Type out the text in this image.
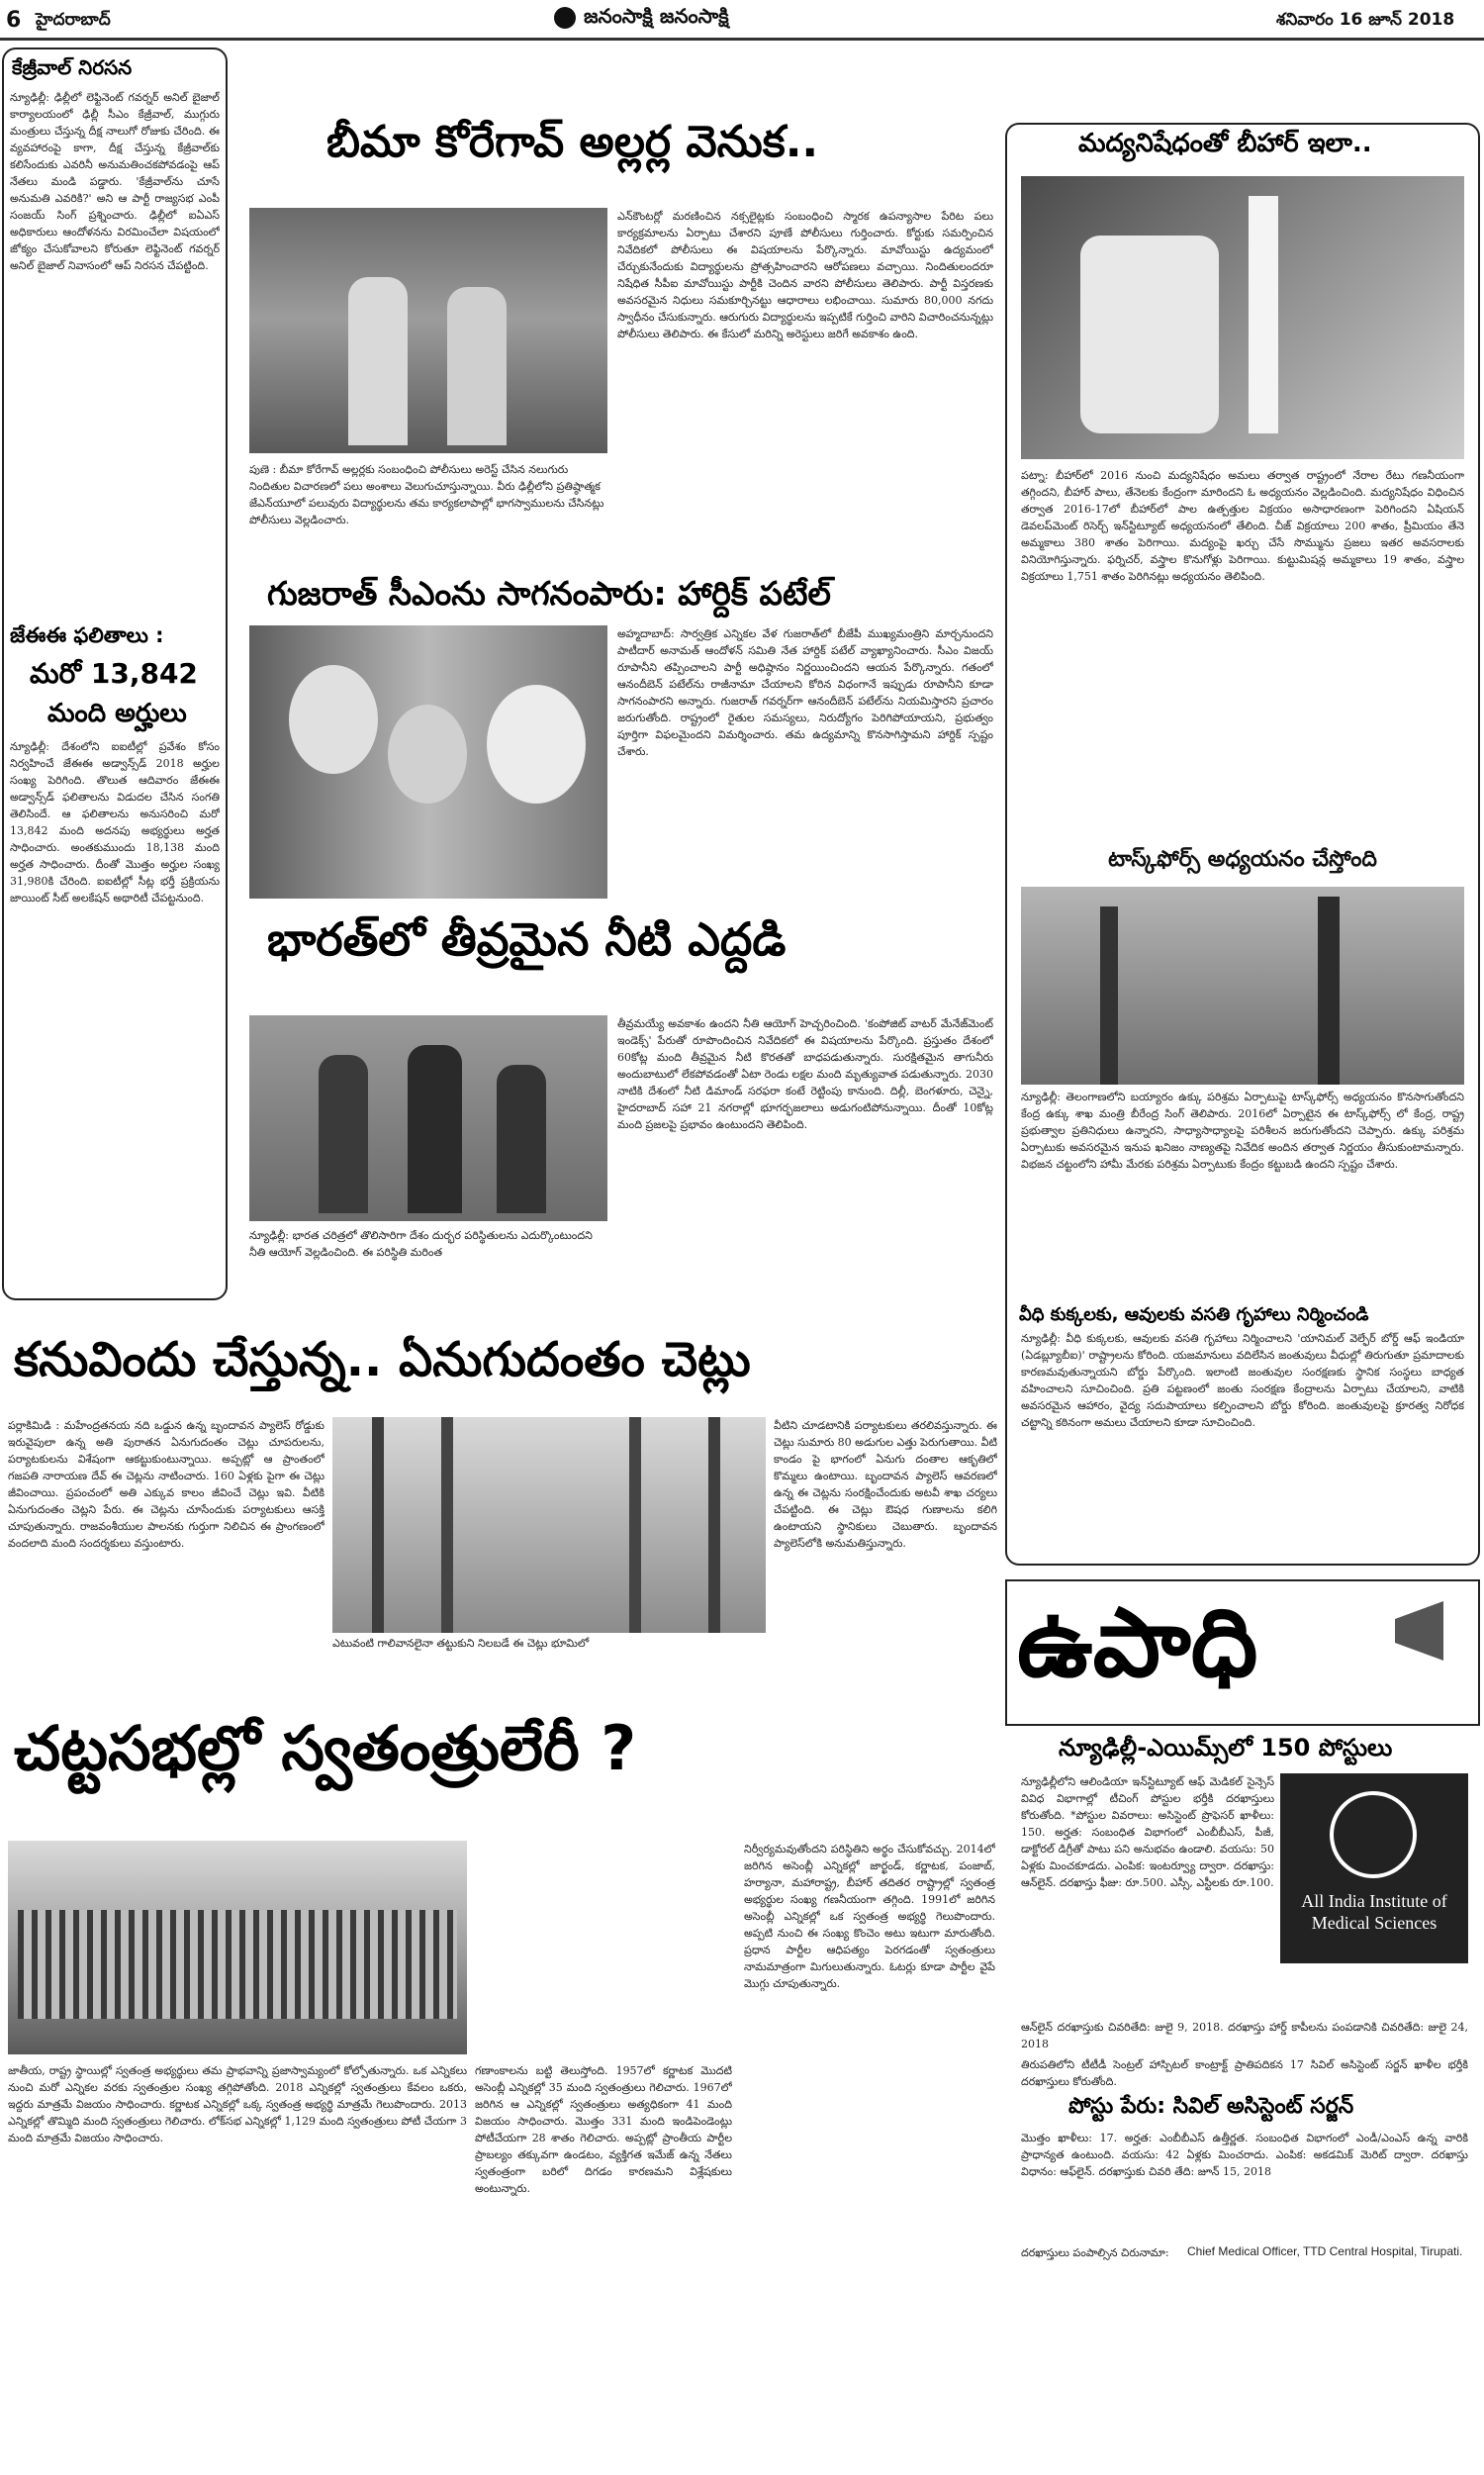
6 హైదరాబాద్	జనంసాక్షి జనంసాక్షి	శనివారం 16 జూన్ 2018
కేజ్రీవాల్ నిరసన
న్యూఢిల్లీ: ఢిల్లీలో లెఫ్టినెంట్ గవర్నర్ అనిల్ బైజాల్ కార్యాలయంలో ఢిల్లీ సీఎం కేజ్రీవాల్, ముగ్గురు మంత్రులు చేస్తున్న దీక్ష నాలుగో రోజుకు చేరింది. ఈ వ్యవహారంపై కాగా, దీక్ష చేస్తున్న కేజ్రీవాల్‌కు కలిసేందుకు ఎవరినీ అనుమతించకపోవడంపై ఆప్ నేతలు మండి పడ్డారు. 'కేజ్రీవాల్‌ను చూసే అనుమతి ఎవరికి?' అని ఆ పార్టీ రాజ్యసభ ఎంపీ సంజయ్ సింగ్ ప్రశ్నించారు. ఢిల్లీలో ఐఏఎస్ అధికారులు ఆందోళనను విరమించేలా విషయంలో జోక్యం చేసుకోవాలని కోరుతూ లెఫ్టినెంట్ గవర్నర్ అనిల్ బైజాల్ నివాసంలో ఆప్ నిరసన చేపట్టింది.
జేఈఈ ఫలితాలు :
మరో 13,842
మంది అర్హులు
న్యూఢిల్లీ: దేశంలోని ఐఐటీల్లో ప్రవేశం కోసం నిర్వహించే జేఈఈ అడ్వాన్స్‌డ్ 2018 అర్హుల సంఖ్య పెరిగింది. తొలుత ఆదివారం జేఈఈ అడ్వాన్స్‌డ్ ఫలితాలను విడుదల చేసిన సంగతి తెలిసిందే. ఆ ఫలితాలను అనుసరించి మరో 13,842 మంది అదనపు అభ్యర్థులు అర్హత సాధించారు. అంతకుముందు 18,138 మంది అర్హత సాధించారు. దీంతో మొత్తం అర్హుల సంఖ్య 31,980కి చేరింది. ఐఐటీల్లో సీట్ల భర్తీ ప్రక్రియను జాయింట్ సీట్ అలకేషన్ అథారిటీ చేపట్టనుంది.
బీమా కోరేగావ్ అల్లర్ల వెనుక..
పుణె : బీమా కోరేగావ్ అల్లర్లకు సంబంధించి పోలీసులు అరెస్ట్ చేసిన నలుగురు నిందితుల విచారణలో పలు అంశాలు వెలుగుచూస్తున్నాయి. వీరు ఢిల్లీలోని ప్రతిష్ఠాత్మక జేఎన్‌యూలో పలువురు విద్యార్థులను తమ కార్యకలాపాల్లో భాగస్వాములను చేసినట్లు పోలీసులు వెల్లడించారు.
ఎన్‌కౌంటర్లో మరణించిన నక్సలైట్లకు సంబంధించి స్మారక ఉపన్యాసాల పేరిట పలు కార్యక్రమాలను ఏర్పాటు చేశారని పూణే పోలీసులు గుర్తించారు. కోర్టుకు సమర్పించిన నివేదికలో పోలీసులు ఈ విషయాలను పేర్కొన్నారు. మావోయిస్టు ఉద్యమంలో చేర్చుకునేందుకు విద్యార్థులను ప్రోత్సహించారని ఆరోపణలు వచ్చాయి. నిందితులందరూ నిషేధిత సీపీఐ మావోయిస్టు పార్టీకి చెందిన వారని పోలీసులు తెలిపారు. పార్టీ విస్తరణకు అవసరమైన నిధులు సమకూర్చినట్టు ఆధారాలు లభించాయి. సుమారు 80,000 నగదు స్వాధీనం చేసుకున్నారు. ఆరుగురు విద్యార్థులను ఇప్పటికే గుర్తించి వారిని విచారించనున్నట్లు పోలీసులు తెలిపారు. ఈ కేసులో మరిన్ని అరెస్టులు జరిగే అవకాశం ఉంది.
గుజరాత్ సీఎంను సాగనంపారు: హార్దిక్ పటేల్
అహ్మదాబాద్: సార్వత్రిక ఎన్నికల వేళ గుజరాత్‌లో బీజేపీ ముఖ్యమంత్రిని మార్చనుందని పాటీదార్ అనామత్ ఆందోళన్ సమితి నేత హార్దిక్ పటేల్ వ్యాఖ్యానించారు. సీఎం విజయ్ రూపానీని తప్పించాలని పార్టీ అధిష్ఠానం నిర్ణయించిందని ఆయన పేర్కొన్నారు. గతంలో ఆనందీబెన్ పటేల్‌ను రాజీనామా చేయాలని కోరిన విధంగానే ఇప్పుడు రూపానీని కూడా సాగనంపారని అన్నారు. గుజరాత్ గవర్నర్‌గా ఆనందీబెన్ పటేల్‌ను నియమిస్తారని ప్రచారం జరుగుతోంది. రాష్ట్రంలో రైతుల సమస్యలు, నిరుద్యోగం పెరిగిపోయాయని, ప్రభుత్వం పూర్తిగా విఫలమైందని విమర్శించారు. తమ ఉద్యమాన్ని కొనసాగిస్తామని హార్దిక్ స్పష్టం చేశారు.
భారత్‌లో తీవ్రమైన నీటి ఎద్దడి
న్యూఢిల్లీ: భారత చరిత్రలో తొలిసారిగా దేశం దుర్భర పరిస్థితులను ఎదుర్కొంటుందని నీతి ఆయోగ్ వెల్లడించింది. ఈ పరిస్థితి మరింత
తీవ్రమయ్యే అవకాశం ఉందని నీతి ఆయోగ్ హెచ్చరించింది. 'కంపోజిట్ వాటర్ మేనేజ్‌మెంట్ ఇండెక్స్' పేరుతో రూపొందించిన నివేదికలో ఈ విషయాలను పేర్కొంది. ప్రస్తుతం దేశంలో 60కోట్ల మంది తీవ్రమైన నీటి కొరతతో బాధపడుతున్నారు. సురక్షితమైన తాగునీరు అందుబాటులో లేకపోవడంతో ఏటా రెండు లక్షల మంది మృత్యువాత పడుతున్నారు. 2030 నాటికి దేశంలో నీటి డిమాండ్ సరఫరా కంటే రెట్టింపు కానుంది. దిల్లీ, బెంగళూరు, చెన్నై, హైదరాబాద్ సహా 21 నగరాల్లో భూగర్భజలాలు అడుగంటిపోనున్నాయి. దీంతో 10కోట్ల మంది ప్రజలపై ప్రభావం ఉంటుందని తెలిపింది.
మద్యనిషేధంతో బీహార్ ఇలా..
పట్నా: బీహార్‌లో 2016 నుంచి మద్యనిషేధం అమలు తర్వాత రాష్ట్రంలో నేరాల రేటు గణనీయంగా తగ్గిందని, బీహార్ పాలు, తేనెలకు కేంద్రంగా మారిందని ఓ అధ్యయనం వెల్లడించింది. మద్యనిషేధం విధించిన తర్వాత 2016-17లో బీహార్‌లో పాల ఉత్పత్తుల విక్రయం అసాధారణంగా పెరిగిందని ఏషియన్ డెవలప్‌మెంట్ రిసెర్చ్ ఇన్‌స్టిట్యూట్ అధ్యయనంలో తేలింది. చీజ్ విక్రయాలు 200 శాతం, ప్రీమియం తేనె అమ్మకాలు 380 శాతం పెరిగాయి. మద్యంపై ఖర్చు చేసే సొమ్మును ప్రజలు ఇతర అవసరాలకు వినియోగిస్తున్నారు. ఫర్నిచర్, వస్త్రాల కొనుగోళ్లు పెరిగాయి. కుట్టుమిషన్ల అమ్మకాలు 19 శాతం, వస్త్రాల విక్రయాలు 1,751 శాతం పెరిగినట్లు అధ్యయనం తెలిపింది.
టాస్క్‌ఫోర్స్ అధ్యయనం చేస్తోంది
న్యూఢిల్లీ: తెలంగాణలోని బయ్యారం ఉక్కు పరిశ్రమ ఏర్పాటుపై టాస్క్‌ఫోర్స్ అధ్యయనం కొనసాగుతోందని కేంద్ర ఉక్కు శాఖ మంత్రి బీరేంద్ర సింగ్ తెలిపారు. 2016లో ఏర్పాటైన ఈ టాస్క్‌ఫోర్స్ లో కేంద్ర, రాష్ట్ర ప్రభుత్వాల ప్రతినిధులు ఉన్నారని, సాధ్యాసాధ్యాలపై పరిశీలన జరుగుతోందని చెప్పారు. ఉక్కు పరిశ్రమ ఏర్పాటుకు అవసరమైన ఇనుప ఖనిజం నాణ్యతపై నివేదిక అందిన తర్వాత నిర్ణయం తీసుకుంటామన్నారు. విభజన చట్టంలోని హామీ మేరకు పరిశ్రమ ఏర్పాటుకు కేంద్రం కట్టుబడి ఉందని స్పష్టం చేశారు.
వీధి కుక్కలకు, ఆవులకు వసతి గృహాలు నిర్మించండి
న్యూఢిల్లీ: వీధి కుక్కలకు, ఆవులకు వసతి గృహాలు నిర్మించాలని 'యానిమల్ వెల్ఫేర్ బోర్డ్ ఆఫ్ ఇండియా (ఏడబ్ల్యూబీఐ)' రాష్ట్రాలను కోరింది. యజమానులు వదిలేసిన జంతువులు వీధుల్లో తిరుగుతూ ప్రమాదాలకు కారణమవుతున్నాయని బోర్డు పేర్కొంది. ఇలాంటి జంతువుల సంరక్షణకు స్థానిక సంస్థలు బాధ్యత వహించాలని సూచించింది. ప్రతి పట్టణంలో జంతు సంరక్షణ కేంద్రాలను ఏర్పాటు చేయాలని, వాటికి అవసరమైన ఆహారం, వైద్య సదుపాయాలు కల్పించాలని బోర్డు కోరింది. జంతువులపై క్రూరత్వ నిరోధక చట్టాన్ని కఠినంగా అమలు చేయాలని కూడా సూచించింది.
కనువిందు చేస్తున్న.. ఏనుగుదంతం చెట్లు
పర్లాకిమిడి : మహేంద్రతనయ నది ఒడ్డున ఉన్న బృందావన ప్యాలెస్ రోడ్డుకు ఇరువైపులా ఉన్న అతి పురాతన ఏనుగుదంతం చెట్లు చూపరులను, పర్యాటకులను విశేషంగా ఆకట్టుకుంటున్నాయి. అప్పట్లో ఆ ప్రాంతంలో గజపతి నారాయణ దేవ్ ఈ చెట్లను నాటించారు. 160 ఏళ్లకు పైగా ఈ చెట్లు జీవించాయి. ప్రపంచంలో అతి ఎక్కువ కాలం జీవించే చెట్లు ఇవి. వీటికి ఏనుగుదంతం చెట్లని పేరు. ఈ చెట్లను చూసేందుకు పర్యాటకులు ఆసక్తి చూపుతున్నారు. రాజవంశీయుల పాలనకు గుర్తుగా నిలిచిన ఈ ప్రాంగణంలో వందలాది మంది సందర్శకులు వస్తుంటారు.
ఎటువంటి గాలివానలైనా తట్టుకుని నిలబడే ఈ చెట్లు భూమిలో
వీటిని చూడటానికి పర్యాటకులు తరలివస్తున్నారు. ఈ చెట్లు సుమారు 80 అడుగుల ఎత్తు పెరుగుతాయి. వీటి కాండం పై భాగంలో ఏనుగు దంతాల ఆకృతిలో కొమ్మలు ఉంటాయి. బృందావన ప్యాలెస్ ఆవరణలో ఉన్న ఈ చెట్లను సంరక్షించేందుకు అటవీ శాఖ చర్యలు చేపట్టింది. ఈ చెట్లు ఔషధ గుణాలను కలిగి ఉంటాయని స్థానికులు చెబుతారు. బృందావన ప్యాలెస్‌లోకి అనుమతిస్తున్నారు.
చట్టసభల్లో స్వతంత్రులేరీ ?
జాతీయ, రాష్ట్ర స్థాయిల్లో స్వతంత్ర అభ్యర్థులు తమ ప్రాభవాన్ని ప్రజాస్వామ్యంలో కోల్పోతున్నారు. ఒక ఎన్నికలు నుంచి మరో ఎన్నికల వరకు స్వతంత్రుల సంఖ్య తగ్గిపోతోంది. 2018 ఎన్నికల్లో స్వతంత్రులు కేవలం ఒకరు, ఇద్దరు మాత్రమే విజయం సాధించారు. కర్ణాటక ఎన్నికల్లో ఒక్క స్వతంత్ర అభ్యర్థి మాత్రమే గెలుపొందారు. 2013 ఎన్నికల్లో తొమ్మిది మంది స్వతంత్రులు గెలిచారు. లోక్‌సభ ఎన్నికల్లో 1,129 మంది స్వతంత్రులు పోటీ చేయగా 3 మంది మాత్రమే విజయం సాధించారు.
గణాంకాలను బట్టి తెలుస్తోంది. 1957లో కర్ణాటక మొదటి అసెంబ్లీ ఎన్నికల్లో 35 మంది స్వతంత్రులు గెలిచారు. 1967లో జరిగిన ఆ ఎన్నికల్లో స్వతంత్రులు అత్యధికంగా 41 మంది విజయం సాధించారు. మొత్తం 331 మంది ఇండిపెండెంట్లు పోటీచేయగా 28 శాతం గెలిచారు. అప్పట్లో ప్రాంతీయ పార్టీల ప్రాబల్యం తక్కువగా ఉండటం, వ్యక్తిగత ఇమేజ్ ఉన్న నేతలు స్వతంత్రంగా బరిలో దిగడం కారణమని విశ్లేషకులు అంటున్నారు.
నిర్వీర్యమవుతోందని పరిస్థితిని అర్థం చేసుకోవచ్చు. 2014లో జరిగిన అసెంబ్లీ ఎన్నికల్లో జార్ఖండ్, కర్ణాటక, పంజాబ్, హర్యానా, మహారాష్ట్ర, బీహార్ తదితర రాష్ట్రాల్లో స్వతంత్ర అభ్యర్థుల సంఖ్య గణనీయంగా తగ్గింది. 1991లో జరిగిన అసెంబ్లీ ఎన్నికల్లో ఒక స్వతంత్ర అభ్యర్థి గెలుపొందారు. అప్పటి నుంచి ఈ సంఖ్య కొంచెం అటు ఇటుగా మారుతోంది. ప్రధాన పార్టీల ఆధిపత్యం పెరగడంతో స్వతంత్రులు నామమాత్రంగా మిగులుతున్నారు. ఓటర్లు కూడా పార్టీల వైపే మొగ్గు చూపుతున్నారు.
ఉపాధి
న్యూఢిల్లీ-ఎయిమ్స్‌లో 150 పోస్టులు
న్యూఢిల్లీలోని ఆలిండియా ఇన్‌స్టిట్యూట్ ఆఫ్ మెడికల్ సైన్సెస్ వివిధ విభాగాల్లో టీచింగ్ పోస్టుల భర్తీకి దరఖాస్తులు కోరుతోంది. *పోస్టుల వివరాలు: అసిస్టెంట్ ప్రొఫెసర్ ఖాళీలు: 150. అర్హత: సంబంధిత విభాగంలో ఎంబీబీఎస్, పీజీ, డాక్టోరల్ డిగ్రీతో పాటు పని అనుభవం ఉండాలి. వయసు: 50 ఏళ్లకు మించకూడదు. ఎంపిక: ఇంటర్వ్యూ ద్వారా. దరఖాస్తు: ఆన్‌లైన్. దరఖాస్తు ఫీజు: రూ.500. ఎస్సీ, ఎస్టీలకు రూ.100.
All India Institute of Medical Sciences
ఆన్‌లైన్ దరఖాస్తుకు చివరితేది: జులై 9, 2018. దరఖాస్తు హార్డ్ కాపీలను పంపడానికి చివరితేది: జులై 24, 2018
తిరుపతిలోని టీటీడీ సెంట్రల్ హాస్పిటల్ కాంట్రాక్ట్ ప్రాతిపదికన 17 సివిల్ అసిస్టెంట్ సర్జన్ ఖాళీల భర్తీకి దరఖాస్తులు కోరుతోంది.
పోస్టు పేరు: సివిల్ అసిస్టెంట్ సర్జన్
మొత్తం ఖాళీలు: 17. అర్హత: ఎంబీబీఎస్ ఉత్తీర్ణత. సంబంధిత విభాగంలో ఎండీ/ఎంఎస్ ఉన్న వారికి ప్రాధాన్యత ఉంటుంది. వయసు: 42 ఏళ్లకు మించరాదు. ఎంపిక: అకడమిక్ మెరిట్ ద్వారా. దరఖాస్తు విధానం: ఆఫ్‌లైన్. దరఖాస్తుకు చివరి తేది: జూన్ 15, 2018
దరఖాస్తులు పంపాల్సిన చిరునామా:	Chief Medical Officer, TTD Central Hospital, Tirupati.
